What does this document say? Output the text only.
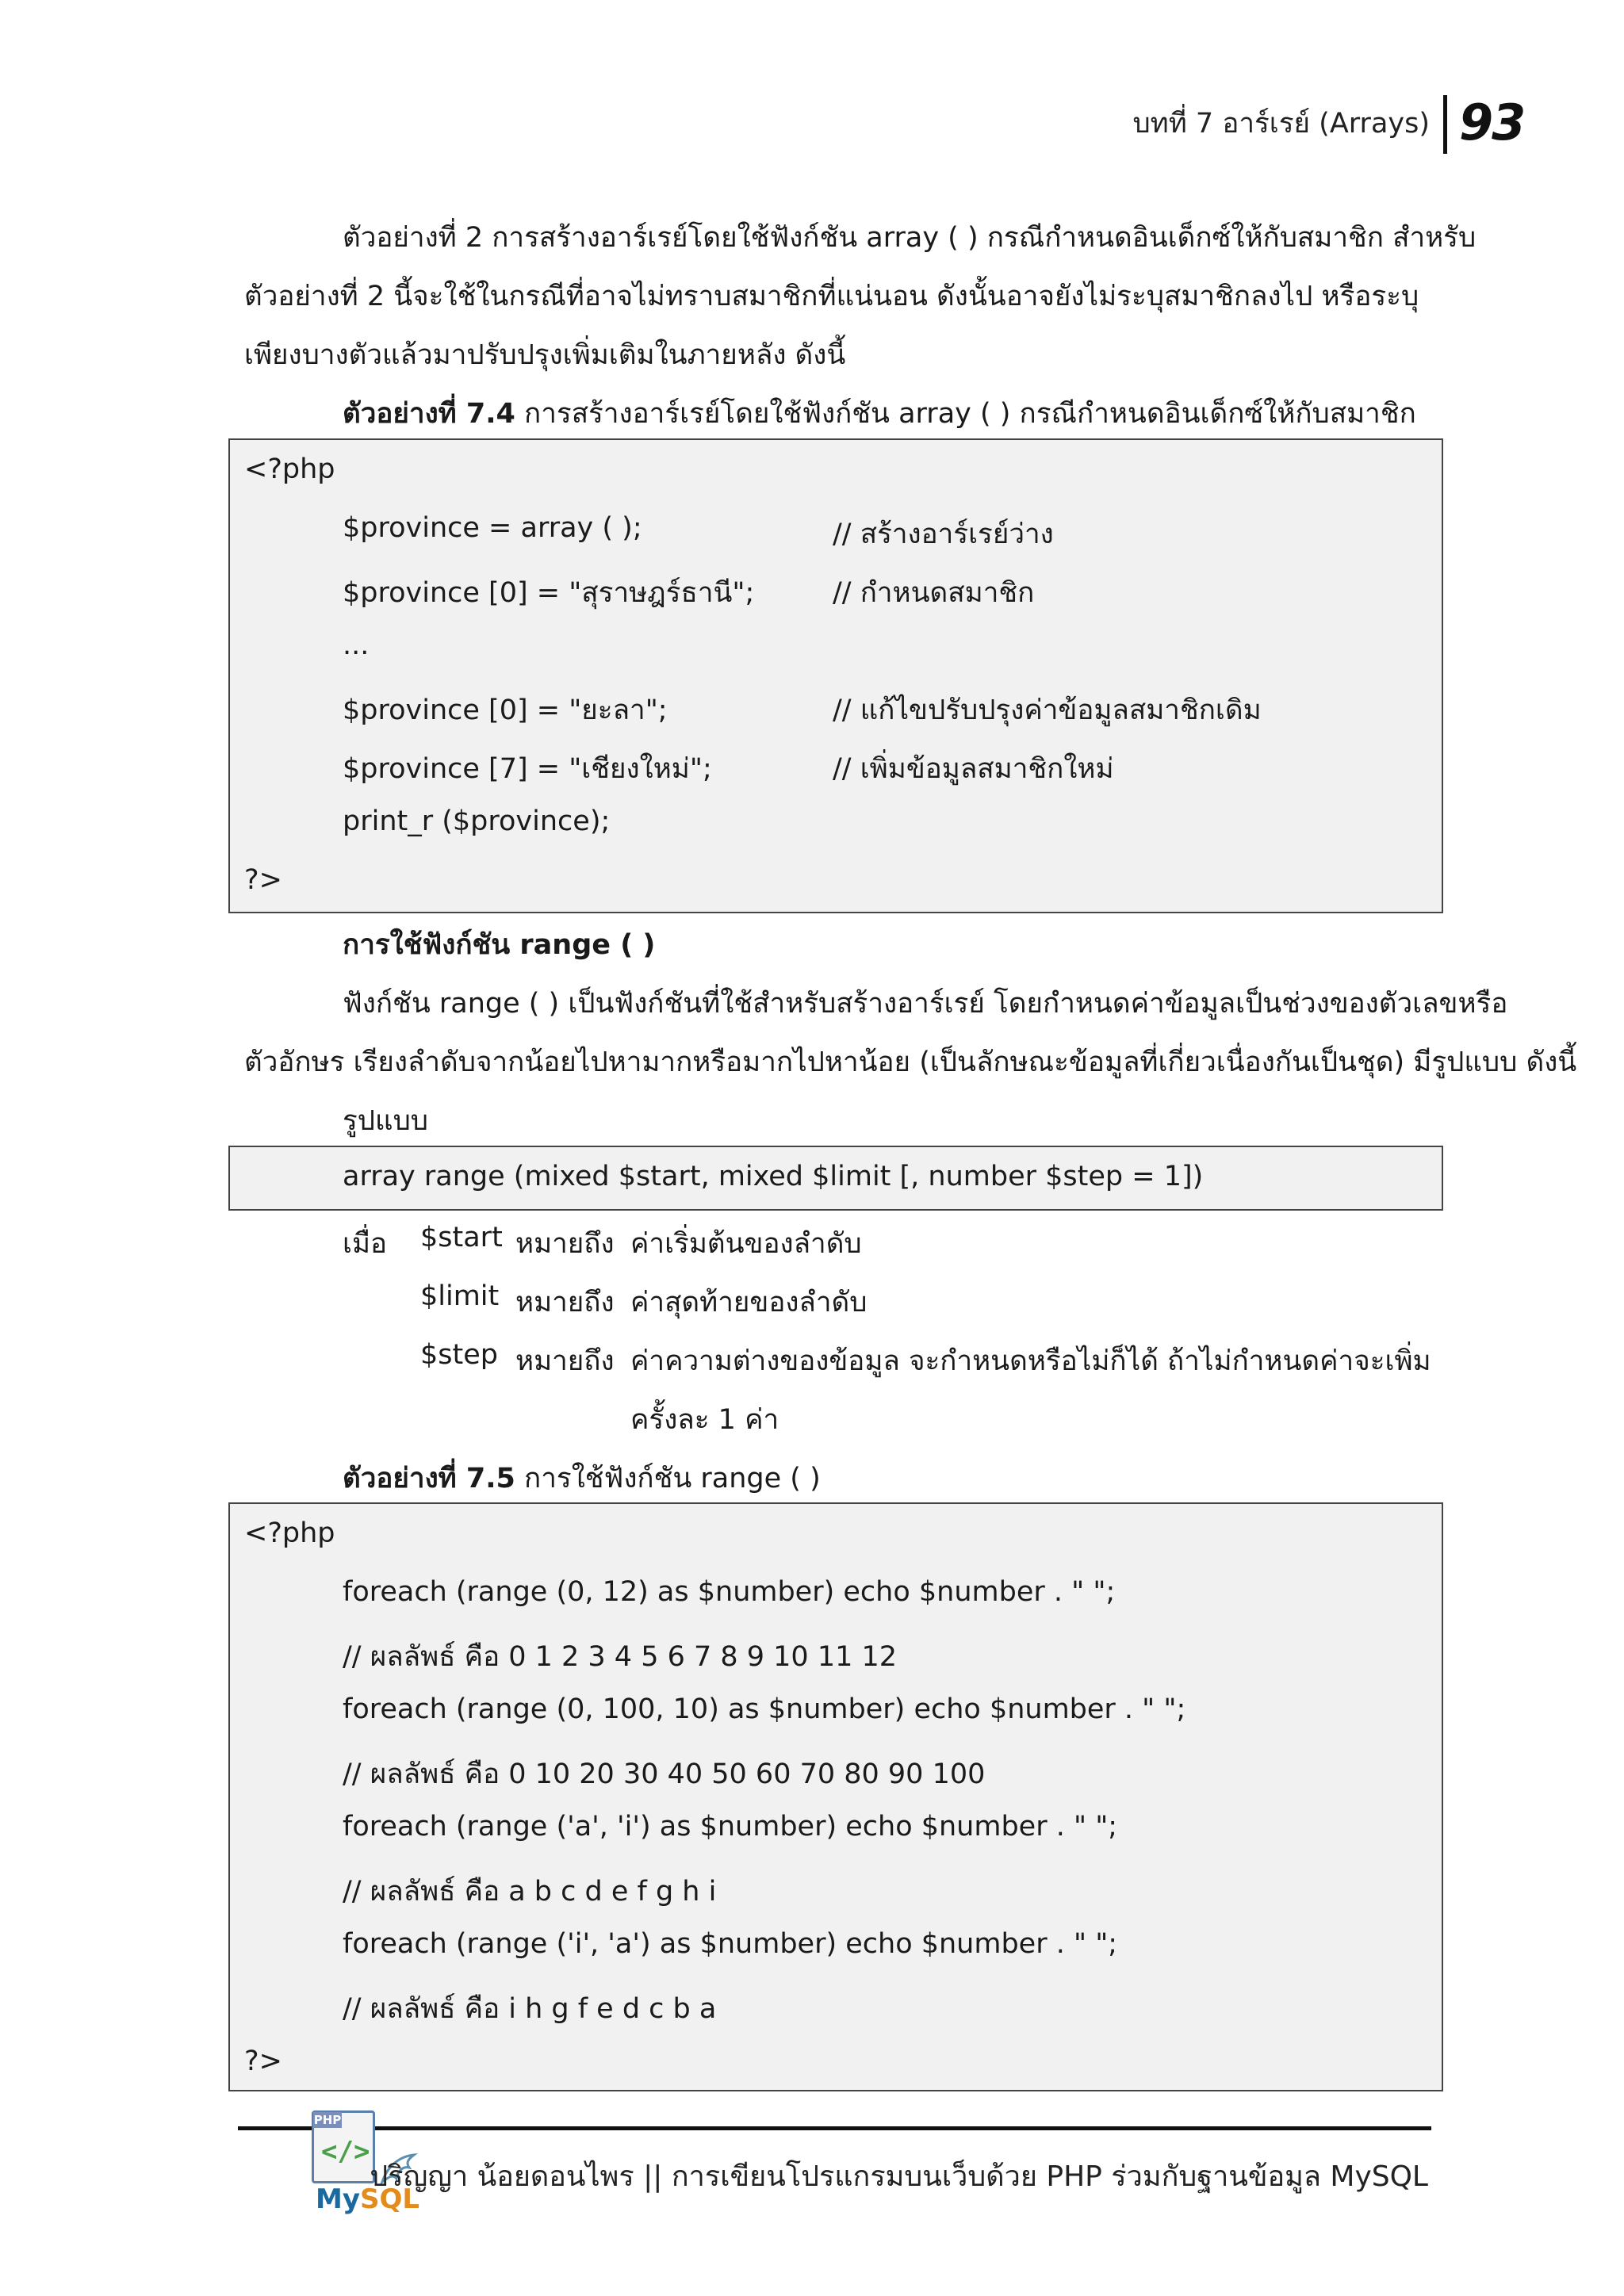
บทที่ 7 อาร์เรย์ (Arrays) 93
ตัวอย่างที่ 2 การสร้างอาร์เรย์โดยใช้ฟังก์ชัน array ( ) กรณีกำหนดอินเด็กซ์ให้กับสมาชิก สำหรับ
ตัวอย่างที่ 2 นี้จะใช้ในกรณีที่อาจไม่ทราบสมาชิกที่แน่นอน ดังนั้นอาจยังไม่ระบุสมาชิกลงไป หรือระบุ
เพียงบางตัวแล้วมาปรับปรุงเพิ่มเติมในภายหลัง ดังนี้
ตัวอย่างที่ 7.4 การสร้างอาร์เรย์โดยใช้ฟังก์ชัน array ( ) กรณีกำหนดอินเด็กซ์ให้กับสมาชิก
<?php
$province = array ( );	// สร้างอาร์เรย์ว่าง
$province [0] = "สุราษฎร์ธานี";	// กำหนดสมาชิก
...
$province [0] = "ยะลา";	// แก้ไขปรับปรุงค่าข้อมูลสมาชิกเดิม
$province [7] = "เชียงใหม่";	// เพิ่มข้อมูลสมาชิกใหม่
print_r ($province);
?>
การใช้ฟังก์ชัน range ( )
ฟังก์ชัน range ( ) เป็นฟังก์ชันที่ใช้สำหรับสร้างอาร์เรย์ โดยกำหนดค่าข้อมูลเป็นช่วงของตัวเลขหรือ
ตัวอักษร เรียงลำดับจากน้อยไปหามากหรือมากไปหาน้อย (เป็นลักษณะข้อมูลที่เกี่ยวเนื่องกันเป็นชุด) มีรูปแบบ ดังนี้
รูปแบบ
array range (mixed $start, mixed $limit [, number $step = 1])
เมื่อ $start หมายถึง ค่าเริ่มต้นของลำดับ
$limit หมายถึง ค่าสุดท้ายของลำดับ
$step หมายถึง ค่าความต่างของข้อมูล จะกำหนดหรือไม่ก็ได้ ถ้าไม่กำหนดค่าจะเพิ่ม
ครั้งละ 1 ค่า
ตัวอย่างที่ 7.5 การใช้ฟังก์ชัน range ( )
<?php
foreach (range (0, 12) as $number) echo $number . " ";
// ผลลัพธ์ คือ 0 1 2 3 4 5 6 7 8 9 10 11 12
foreach (range (0, 100, 10) as $number) echo $number . " ";
// ผลลัพธ์ คือ 0 10 20 30 40 50 60 70 80 90 100
foreach (range ('a', 'i') as $number) echo $number . " ";
// ผลลัพธ์ คือ a b c d e f g h i
foreach (range ('i', 'a') as $number) echo $number . " ";
// ผลลัพธ์ คือ i h g f e d c b a
?>
PHP
</>
MySQL
ปริญญา น้อยดอนไพร || การเขียนโปรแกรมบนเว็บด้วย PHP ร่วมกับฐานข้อมูล MySQL
